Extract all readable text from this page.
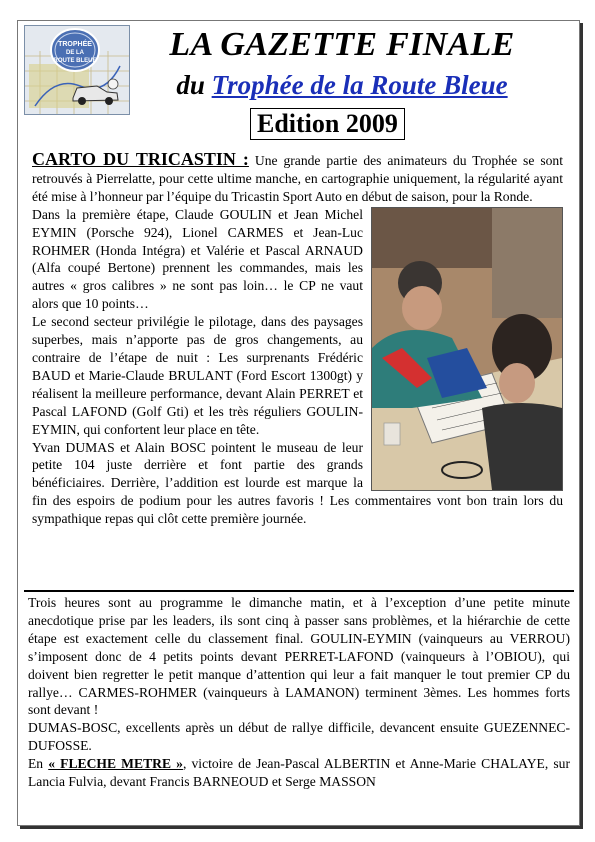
TROPHÉE
DE LA
ROUTE BLEUE	LA GAZETTE FINALE
du Trophée de la Route Bleue
Edition 2009

CARTO DU TRICASTIN : Une grande partie des animateurs du Trophée se sont retrouvés à Pierrelatte, pour cette ultime manche, en cartographie uniquement, la régularité ayant été mise à l’honneur par l’équipe du Tricastin Sport Auto en début de saison, pour la Ronde.

Dans la première étape, Claude GOULIN et Jean Michel EYMIN (Porsche 924), Lionel CARMES et Jean-Luc ROHMER (Honda Intégra) et Valérie et Pascal ARNAUD (Alfa coupé Bertone) prennent les commandes, mais les autres « gros calibres » ne sont pas loin… le CP ne vaut alors que 10 points…

Le second secteur privilégie le pilotage, dans des paysages superbes, mais n’apporte pas de gros changements, au contraire de l’étape de nuit : Les surprenants Frédéric BAUD et Marie-Claude BRULANT (Ford Escort 1300gt) y réalisent la meilleure performance, devant Alain PERRET et Pascal LAFOND (Golf Gti) et les très réguliers GOULIN-EYMIN, qui confortent leur place en tête.

Yvan DUMAS et Alain BOSC pointent le museau de leur petite 104 juste derrière et font partie des grands bénéficiaires. Derrière, l’addition est lourde est marque la fin des espoirs de podium pour les autres favoris ! Les commentaires vont bon train lors du sympathique repas qui clôt cette première journée.

Trois heures sont au programme le dimanche matin, et à l’exception d’une petite minute anecdotique prise par les leaders, ils sont cinq à passer sans problèmes, et la hiérarchie de cette étape est exactement celle du classement final. GOULIN-EYMIN (vainqueurs au VERROU) s’imposent donc de 4 petits points devant PERRET-LAFOND (vainqueurs à l’OBIOU), qui doivent bien regretter le petit manque d’attention qui leur a fait manquer le tout premier CP du rallye… CARMES-ROHMER (vainqueurs à LAMANON) terminent 3èmes. Les hommes forts sont devant !

DUMAS-BOSC, excellents après un début de rallye difficile, devancent ensuite GUEZENNEC-DUFOSSE.

En « FLECHE METRE », victoire de Jean-Pascal ALBERTIN et Anne-Marie CHALAYE, sur Lancia Fulvia, devant Francis BARNEOUD et Serge MASSON
